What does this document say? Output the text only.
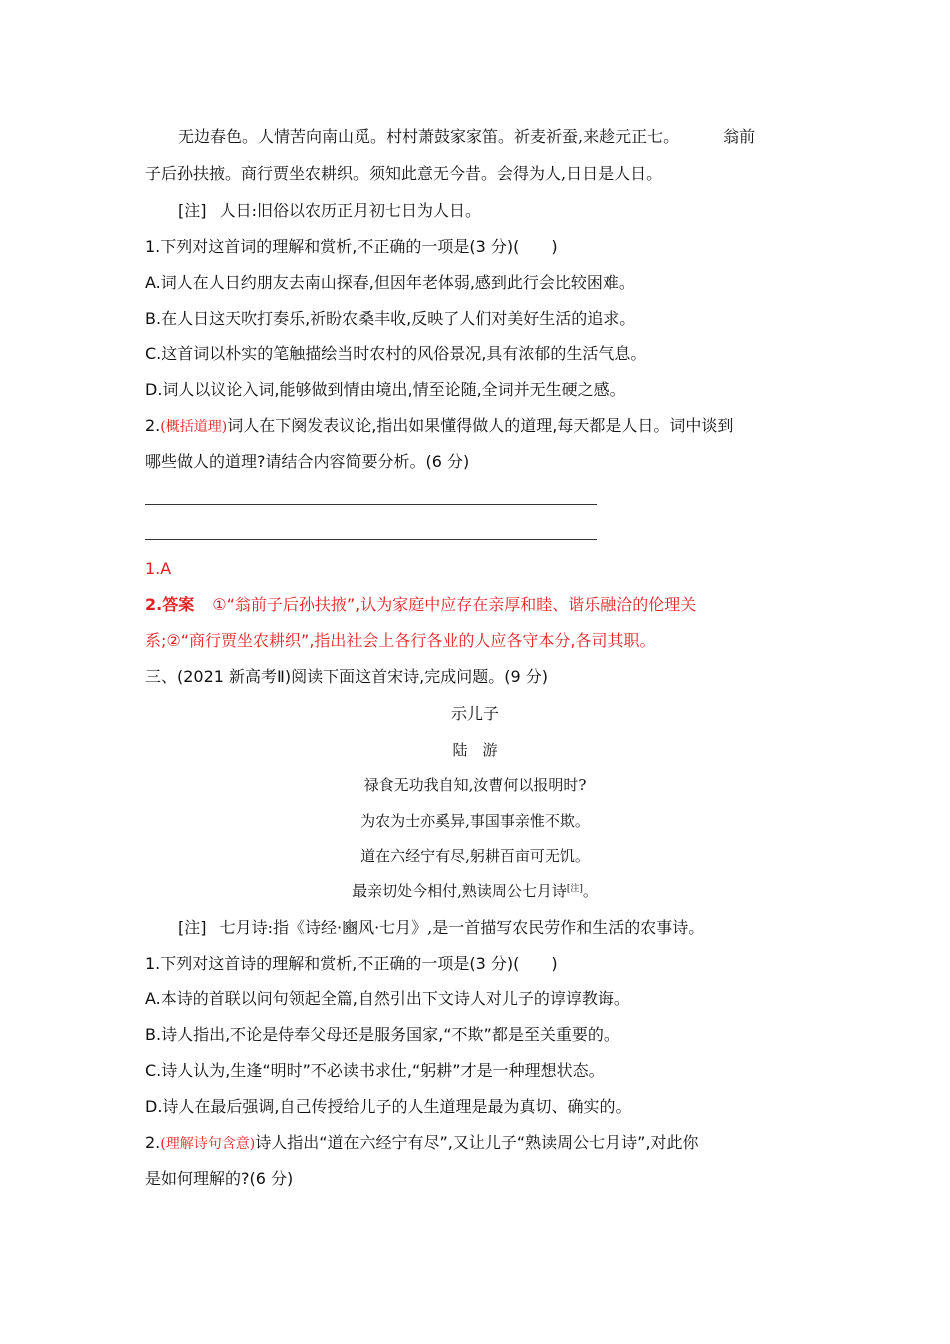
无边春色。人情苦向南山觅。村村萧鼓家家笛。祈麦祈蚕,来趁元正七。	翁前
子后孙扶掖。商行贾坐农耕织。须知此意无今昔。会得为人,日日是人日。
[注] 人日:旧俗以农历正月初七日为人日。
1.下列对这首词的理解和赏析,不正确的一项是(3 分)(　　)
A.词人在人日约朋友去南山探春,但因年老体弱,感到此行会比较困难。
B.在人日这天吹打奏乐,祈盼农桑丰收,反映了人们对美好生活的追求。
C.这首词以朴实的笔触描绘当时农村的风俗景况,具有浓郁的生活气息。
D.词人以议论入词,能够做到情由境出,情至论随,全词并无生硬之感。
2.(概括道理)词人在下阕发表议论,指出如果懂得做人的道理,每天都是人日。词中谈到
哪些做人的道理?请结合内容简要分析。(6 分)
1.A
2.答案 ①“翁前子后孙扶掖”,认为家庭中应存在亲厚和睦、谐乐融洽的伦理关
系;②“商行贾坐农耕织”,指出社会上各行各业的人应各守本分,各司其职。
三、(2021 新高考Ⅱ)阅读下面这首宋诗,完成问题。(9 分)
示儿子
陆　游
禄食无功我自知,汝曹何以报明时?
为农为士亦奚异,事国事亲惟不欺。
道在六经宁有尽,躬耕百亩可无饥。
最亲切处今相付,熟读周公七月诗[注]。
[注] 七月诗:指《诗经·豳风·七月》,是一首描写农民劳作和生活的农事诗。
1.下列对这首诗的理解和赏析,不正确的一项是(3 分)(　　)
A.本诗的首联以问句领起全篇,自然引出下文诗人对儿子的谆谆教诲。
B.诗人指出,不论是侍奉父母还是服务国家,“不欺”都是至关重要的。
C.诗人认为,生逢“明时”不必读书求仕,“躬耕”才是一种理想状态。
D.诗人在最后强调,自己传授给儿子的人生道理是最为真切、确实的。
2.(理解诗句含意)诗人指出“道在六经宁有尽”,又让儿子“熟读周公七月诗”,对此你
是如何理解的?(6 分)
